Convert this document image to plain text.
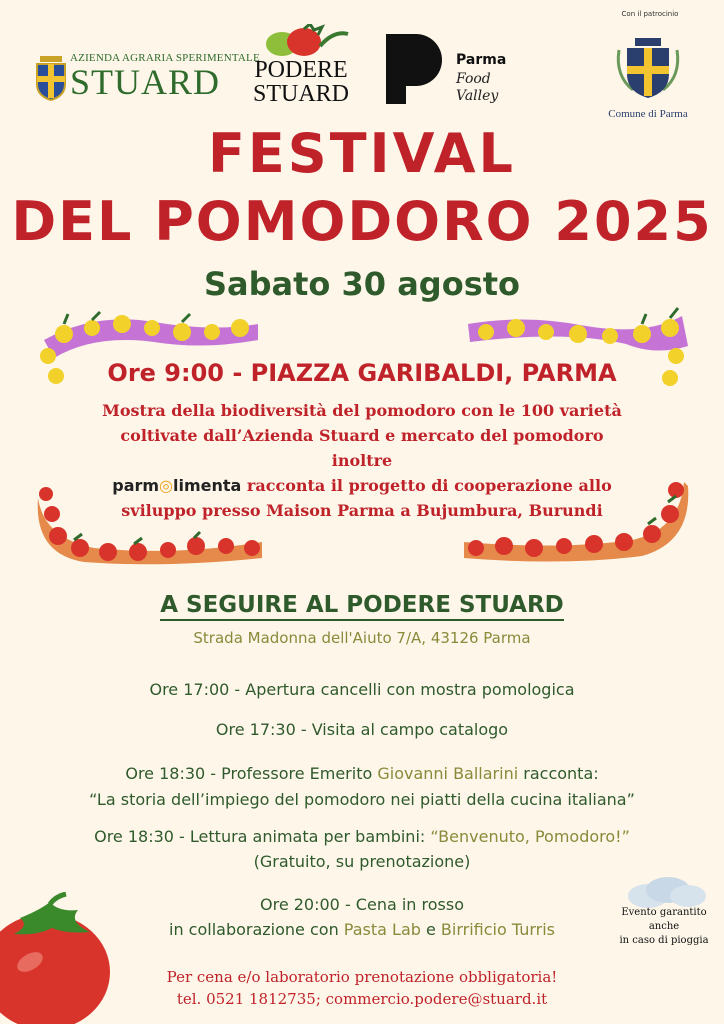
AZIENDA AGRARIA SPERIMENTALE
STUARD	PODERE
STUARD
Parma
Food
Valley
Con il patrocinio
Comune di Parma
FESTIVAL
DEL POMODORO 2025
Sabato 30 agosto
Ore 9:00 - PIAZZA GARIBALDI, PARMA
Mostra della biodiversità del pomodoro con le 100 varietà
coltivate dall’Azienda Stuard e mercato del pomodoro
inoltre
parm◎limenta racconta il progetto di cooperazione allo
sviluppo presso Maison Parma a Bujumbura, Burundi
A SEGUIRE AL PODERE STUARD
Strada Madonna dell'Aiuto 7/A, 43126 Parma
Ore 17:00 - Apertura cancelli con mostra pomologica
Ore 17:30 - Visita al campo catalogo
Ore 18:30 - Professore Emerito Giovanni Ballarini racconta:
“La storia dell’impiego del pomodoro nei piatti della cucina italiana”
Ore 18:30 - Lettura animata per bambini: “Benvenuto, Pomodoro!”
(Gratuito, su prenotazione)
Ore 20:00 - Cena in rosso
in collaborazione con Pasta Lab e Birrificio Turris
Evento garantito
anche
in caso di pioggia
Per cena e/o laboratorio prenotazione obbligatoria!
tel. 0521 1812735; commercio.podere@stuard.it
